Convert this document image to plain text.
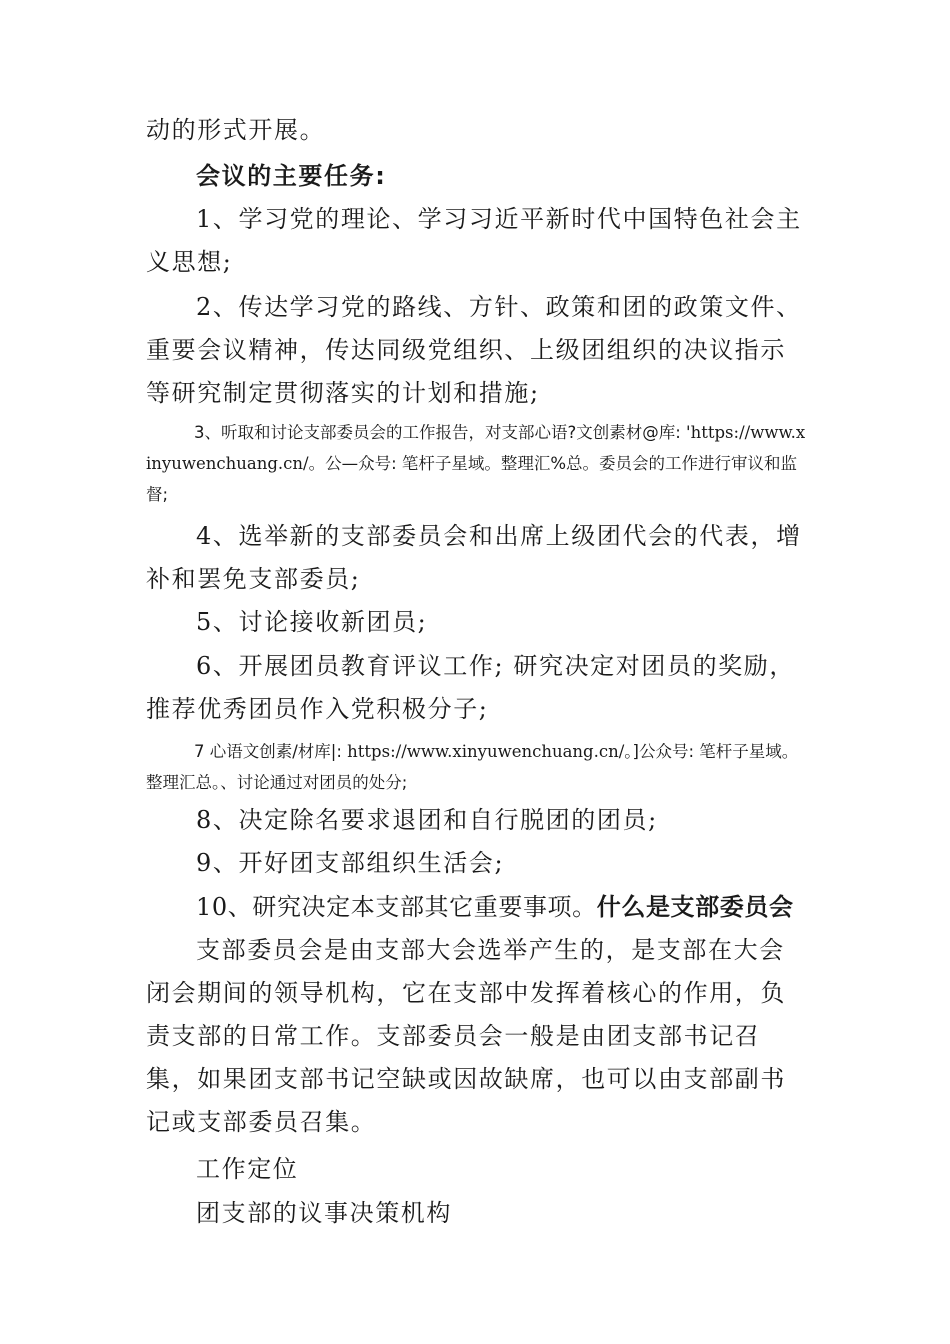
动的形式开展。

会议的主要任务:

1、学习党的理论、学习习近平新时代中国特色社会主义思想;

2、传达学习党的路线、方针、政策和团的政策文件、重要会议精神，传达同级党组织、上级团组织的决议指示等研究制定贯彻落实的计划和措施;

3、听取和讨论支部委员会的工作报告，对支部心语?文创素材@库: 'https://www.xinyuwenchuang.cn/。公—众号: 笔杆子星域。整理汇%总。委员会的工作进行审议和监督;

4、选举新的支部委员会和出席上级团代会的代表，增补和罢免支部委员;

5、讨论接收新团员;

6、开展团员教育评议工作; 研究决定对团员的奖励，推荐优秀团员作入党积极分子;

7 心语文创素/材库|: https://www.xinyuwenchuang.cn/。]公众号: 笔杆子星域。整理汇总。、讨论通过对团员的处分;

8、决定除名要求退团和自行脱团的团员;

9、开好团支部组织生活会;

10、研究决定本支部其它重要事项。什么是支部委员会

支部委员会是由支部大会选举产生的，是支部在大会闭会期间的领导机构，它在支部中发挥着核心的作用，负责支部的日常工作。支部委员会一般是由团支部书记召集，如果团支部书记空缺或因故缺席，也可以由支部副书记或支部委员召集。

工作定位

团支部的议事决策机构
